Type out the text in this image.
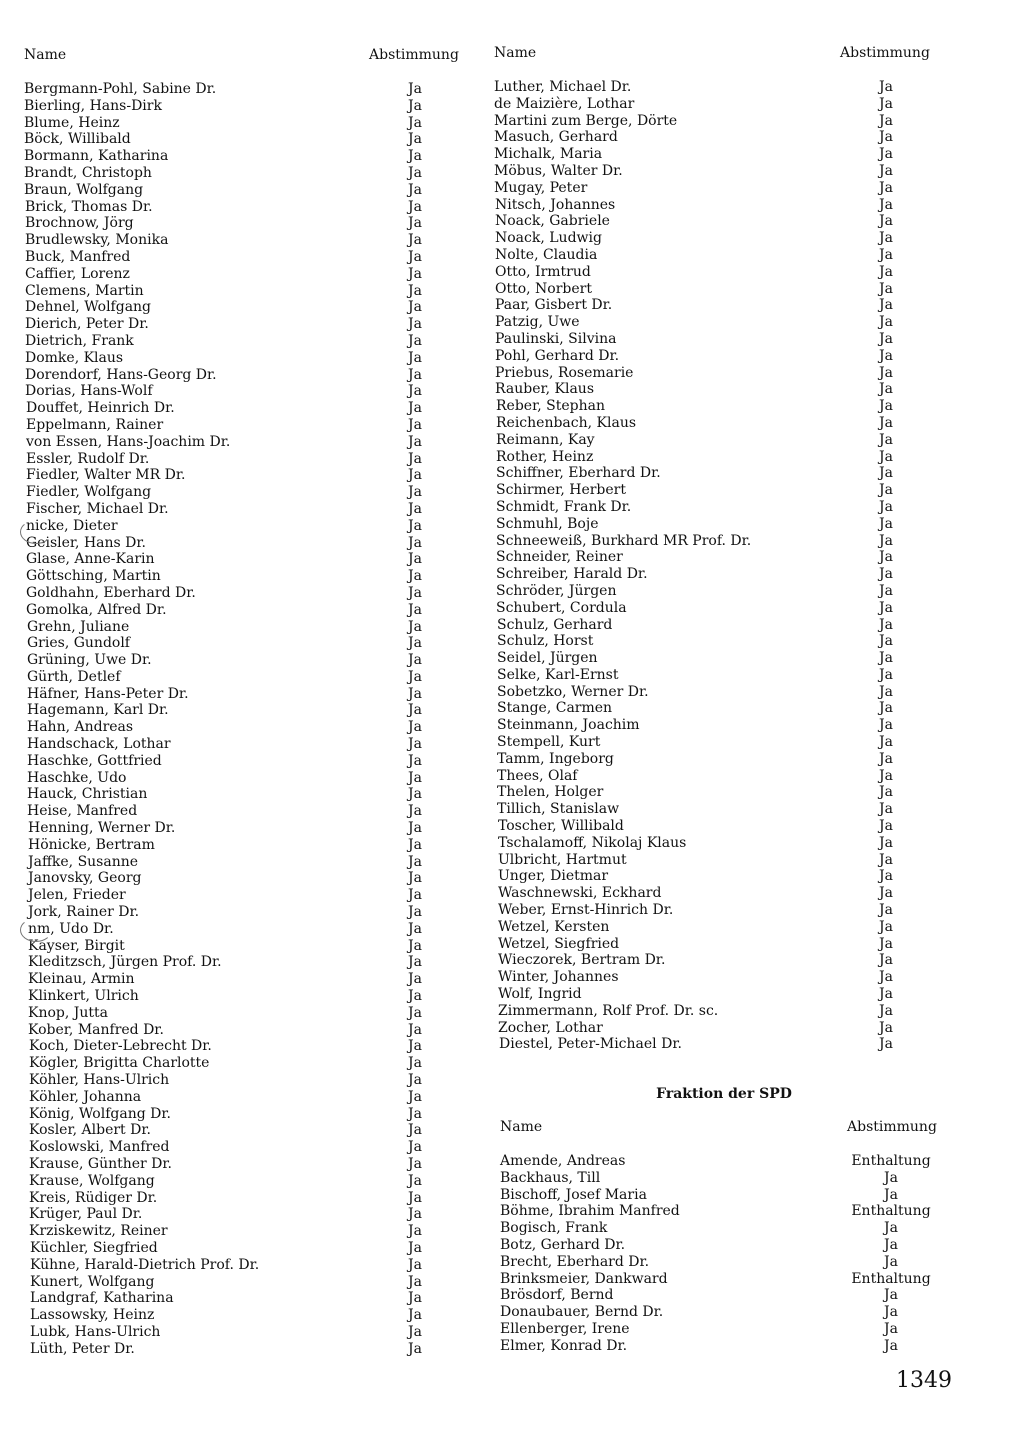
Name	Abstimmung
Bergmann-Pohl, Sabine Dr.	Ja
Bierling, Hans-Dirk	Ja
Blume, Heinz	Ja
Böck, Willibald	Ja
Bormann, Katharina	Ja
Brandt, Christoph	Ja
Braun, Wolfgang	Ja
Brick, Thomas Dr.	Ja
Brochnow, Jörg	Ja
Brudlewsky, Monika	Ja
Buck, Manfred	Ja
Caffier, Lorenz	Ja
Clemens, Martin	Ja
Dehnel, Wolfgang	Ja
Dierich, Peter Dr.	Ja
Dietrich, Frank	Ja
Domke, Klaus	Ja
Dorendorf, Hans-Georg Dr.	Ja
Dorias, Hans-Wolf	Ja
Douffet, Heinrich Dr.	Ja
Eppelmann, Rainer	Ja
von Essen, Hans-Joachim Dr.	Ja
Essler, Rudolf Dr.	Ja
Fiedler, Walter MR Dr.	Ja
Fiedler, Wolfgang	Ja
Fischer, Michael Dr.	Ja
nicke, Dieter	Ja
Geisler, Hans Dr.	Ja
Glase, Anne-Karin	Ja
Göttsching, Martin	Ja
Goldhahn, Eberhard Dr.	Ja
Gomolka, Alfred Dr.	Ja
Grehn, Juliane	Ja
Gries, Gundolf	Ja
Grüning, Uwe Dr.	Ja
Gürth, Detlef	Ja
Häfner, Hans-Peter Dr.	Ja
Hagemann, Karl Dr.	Ja
Hahn, Andreas	Ja
Handschack, Lothar	Ja
Haschke, Gottfried	Ja
Haschke, Udo	Ja
Hauck, Christian	Ja
Heise, Manfred	Ja
Henning, Werner Dr.	Ja
Hönicke, Bertram	Ja
Jaffke, Susanne	Ja
Janovsky, Georg	Ja
Jelen, Frieder	Ja
Jork, Rainer Dr.	Ja
nm, Udo Dr.	Ja
Kayser, Birgit	Ja
Kleditzsch, Jürgen Prof. Dr.	Ja
Kleinau, Armin	Ja
Klinkert, Ulrich	Ja
Knop, Jutta	Ja
Kober, Manfred Dr.	Ja
Koch, Dieter-Lebrecht Dr.	Ja
Kögler, Brigitta Charlotte	Ja
Köhler, Hans-Ulrich	Ja
Köhler, Johanna	Ja
König, Wolfgang Dr.	Ja
Kosler, Albert Dr.	Ja
Koslowski, Manfred	Ja
Krause, Günther Dr.	Ja
Krause, Wolfgang	Ja
Kreis, Rüdiger Dr.	Ja
Krüger, Paul Dr.	Ja
Krziskewitz, Reiner	Ja
Küchler, Siegfried	Ja
Kühne, Harald-Dietrich Prof. Dr.	Ja
Kunert, Wolfgang	Ja
Landgraf, Katharina	Ja
Lassowsky, Heinz	Ja
Lubk, Hans-Ulrich	Ja
Lüth, Peter Dr.	Ja
Name	Abstimmung
Luther, Michael Dr.	Ja
de Maizière, Lothar	Ja
Martini zum Berge, Dörte	Ja
Masuch, Gerhard	Ja
Michalk, Maria	Ja
Möbus, Walter Dr.	Ja
Mugay, Peter	Ja
Nitsch, Johannes	Ja
Noack, Gabriele	Ja
Noack, Ludwig	Ja
Nolte, Claudia	Ja
Otto, Irmtrud	Ja
Otto, Norbert	Ja
Paar, Gisbert Dr.	Ja
Patzig, Uwe	Ja
Paulinski, Silvina	Ja
Pohl, Gerhard Dr.	Ja
Priebus, Rosemarie	Ja
Rauber, Klaus	Ja
Reber, Stephan	Ja
Reichenbach, Klaus	Ja
Reimann, Kay	Ja
Rother, Heinz	Ja
Schiffner, Eberhard Dr.	Ja
Schirmer, Herbert	Ja
Schmidt, Frank Dr.	Ja
Schmuhl, Boje	Ja
Schneeweiß, Burkhard MR Prof. Dr.	Ja
Schneider, Reiner	Ja
Schreiber, Harald Dr.	Ja
Schröder, Jürgen	Ja
Schubert, Cordula	Ja
Schulz, Gerhard	Ja
Schulz, Horst	Ja
Seidel, Jürgen	Ja
Selke, Karl-Ernst	Ja
Sobetzko, Werner Dr.	Ja
Stange, Carmen	Ja
Steinmann, Joachim	Ja
Stempell, Kurt	Ja
Tamm, Ingeborg	Ja
Thees, Olaf	Ja
Thelen, Holger	Ja
Tillich, Stanislaw	Ja
Toscher, Willibald	Ja
Tschalamoff, Nikolaj Klaus	Ja
Ulbricht, Hartmut	Ja
Unger, Dietmar	Ja
Waschnewski, Eckhard	Ja
Weber, Ernst-Hinrich Dr.	Ja
Wetzel, Kersten	Ja
Wetzel, Siegfried	Ja
Wieczorek, Bertram Dr.	Ja
Winter, Johannes	Ja
Wolf, Ingrid	Ja
Zimmermann, Rolf Prof. Dr. sc.	Ja
Zocher, Lothar	Ja
Diestel, Peter-Michael Dr.	Ja
Fraktion der SPD
Name	Abstimmung
Amende, Andreas	Enthaltung
Backhaus, Till	Ja
Bischoff, Josef Maria	Ja
Böhme, Ibrahim Manfred	Enthaltung
Bogisch, Frank	Ja
Botz, Gerhard Dr.	Ja
Brecht, Eberhard Dr.	Ja
Brinksmeier, Dankward	Enthaltung
Brösdorf, Bernd	Ja
Donaubauer, Bernd Dr.	Ja
Ellenberger, Irene	Ja
Elmer, Konrad Dr.	Ja
1349
